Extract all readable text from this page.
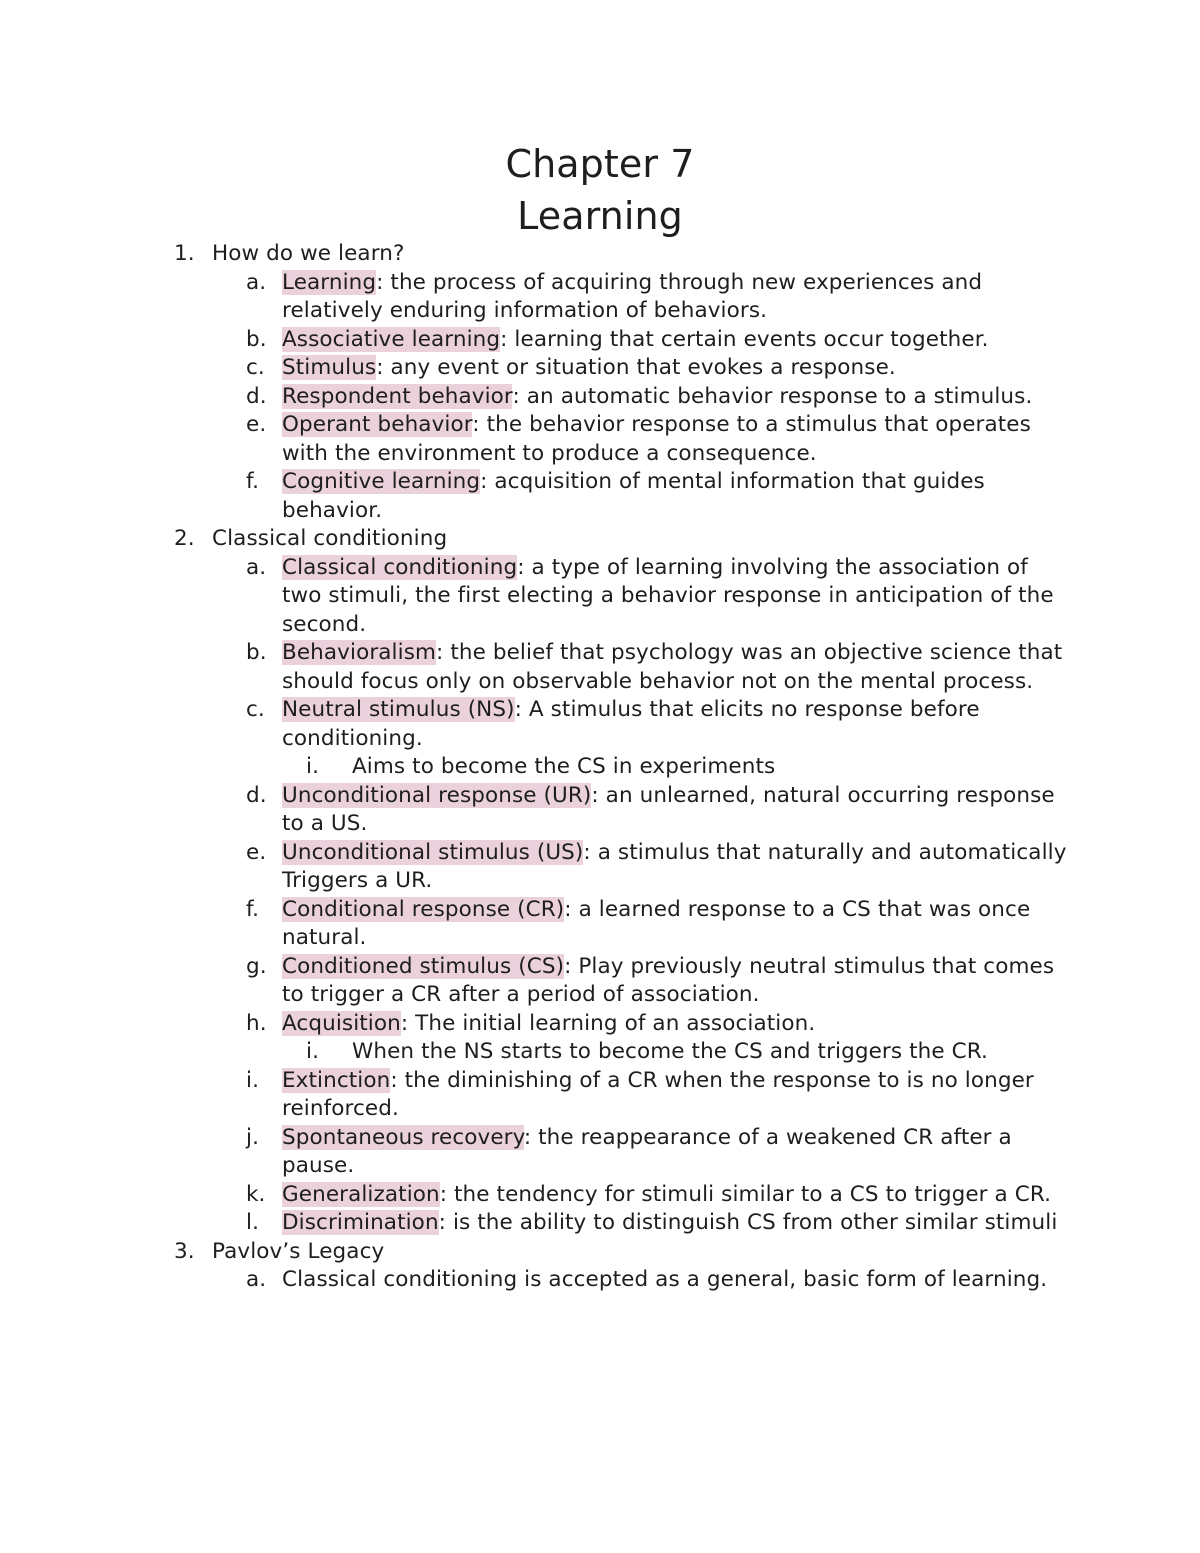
Chapter 7
Learning
1. How do we learn?
a. Learning: the process of acquiring through new experiences and relatively enduring information of behaviors.
b. Associative learning: learning that certain events occur together.
c. Stimulus: any event or situation that evokes a response.
d. Respondent behavior: an automatic behavior response to a stimulus.
e. Operant behavior: the behavior response to a stimulus that operates with the environment to produce a consequence.
f. Cognitive learning: acquisition of mental information that guides behavior.
2. Classical conditioning
a. Classical conditioning: a type of learning involving the association of two stimuli, the first electing a behavior response in anticipation of the second.
b. Behavioralism: the belief that psychology was an objective science that should focus only on observable behavior not on the mental process.
c. Neutral stimulus (NS): A stimulus that elicits no response before conditioning.
i. Aims to become the CS in experiments
d. Unconditional response (UR): an unlearned, natural occurring response to a US.
e. Unconditional stimulus (US): a stimulus that naturally and automatically Triggers a UR.
f. Conditional response (CR): a learned response to a CS that was once natural.
g. Conditioned stimulus (CS): Play previously neutral stimulus that comes to trigger a CR after a period of association.
h. Acquisition: The initial learning of an association.
i. When the NS starts to become the CS and triggers the CR.
i. Extinction: the diminishing of a CR when the response to is no longer reinforced.
j. Spontaneous recovery: the reappearance of a weakened CR after a pause.
k. Generalization: the tendency for stimuli similar to a CS to trigger a CR.
l. Discrimination: is the ability to distinguish CS from other similar stimuli
3. Pavlov’s Legacy
a. Classical conditioning is accepted as a general, basic form of learning.
